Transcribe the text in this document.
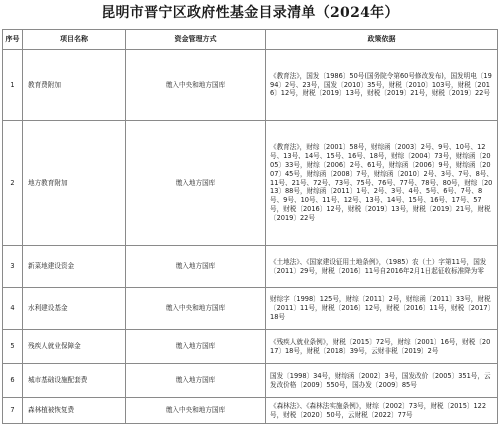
昆明市晋宁区政府性基金目录清单（2024年）
序号	项目名称	资金管理方式	政策依据
1	教育费附加	缴入中央和地方国库	《教育法》，国发〔1986〕50号(国务院令第60号修改发布)，国发明电〔1994〕2号、23号，国发〔2010〕35号，财税〔2010〕103号，财税〔2016〕12号，财税〔2019〕13号，财税〔2019〕21号，财税〔2019〕22号
2	地方教育附加	缴入地方国库	《教育法》，财综〔2001〕58号，财综函〔2003〕2号、9号、10号、12号、13号、14号、15号、16号、18号，财综〔2004〕73号，财综函〔2005〕33号，财综〔2006〕2号、61号，财综函〔2006〕9号，财综函〔2007〕45号，财综函〔2008〕7号，财综函〔2010〕2号、3号、7号、8号、11号、21号、72号、73号、75号、76号、77号、78号、80号，财综〔2013〕88号，财综函〔2011〕1号、2号、3号、4号、5号、6号、7号、8号、9号、10号、11号、12号、13号、14号、15号、16号、17号、57号，财税〔2016〕12号，财税〔2019〕13号，财税〔2019〕21号，财税〔2019〕22号
3	新菜地建设资金	缴入地方国库	《土地法》、《国家建设征用土地条例》，（1985）农（土）字第11号，国发〔2011〕29号，财税〔2016〕11号自2016年2月1日起征收标准降为零
4	水利建设基金	缴入中央和地方国库	财综字〔1998〕125号，财综〔2011〕2号，财综函〔2011〕33号，财税〔2011〕11号，财税〔2016〕12号，财税〔2016〕11号，财税〔2017〕18号
5	残疾人就业保障金	缴入地方国库	《残疾人就业条例》，财税〔2015〕72号，财综〔2001〕16号，财税〔2017〕18号，财税〔2018〕39号，云财非税〔2019〕2号
6	城市基础设施配套费	缴入地方国库	国发〔1998〕34号，财综函〔2002〕3号，国发改价〔2005〕351号，云发改价格〔2009〕550号，国办发〔2009〕85号
7	森林植被恢复费	缴入中央和地方国库	《森林法》、《森林法实施条例》，财综〔2002〕73号，财税〔2015〕122号，财税〔2020〕50号，云财税〔2022〕77号
